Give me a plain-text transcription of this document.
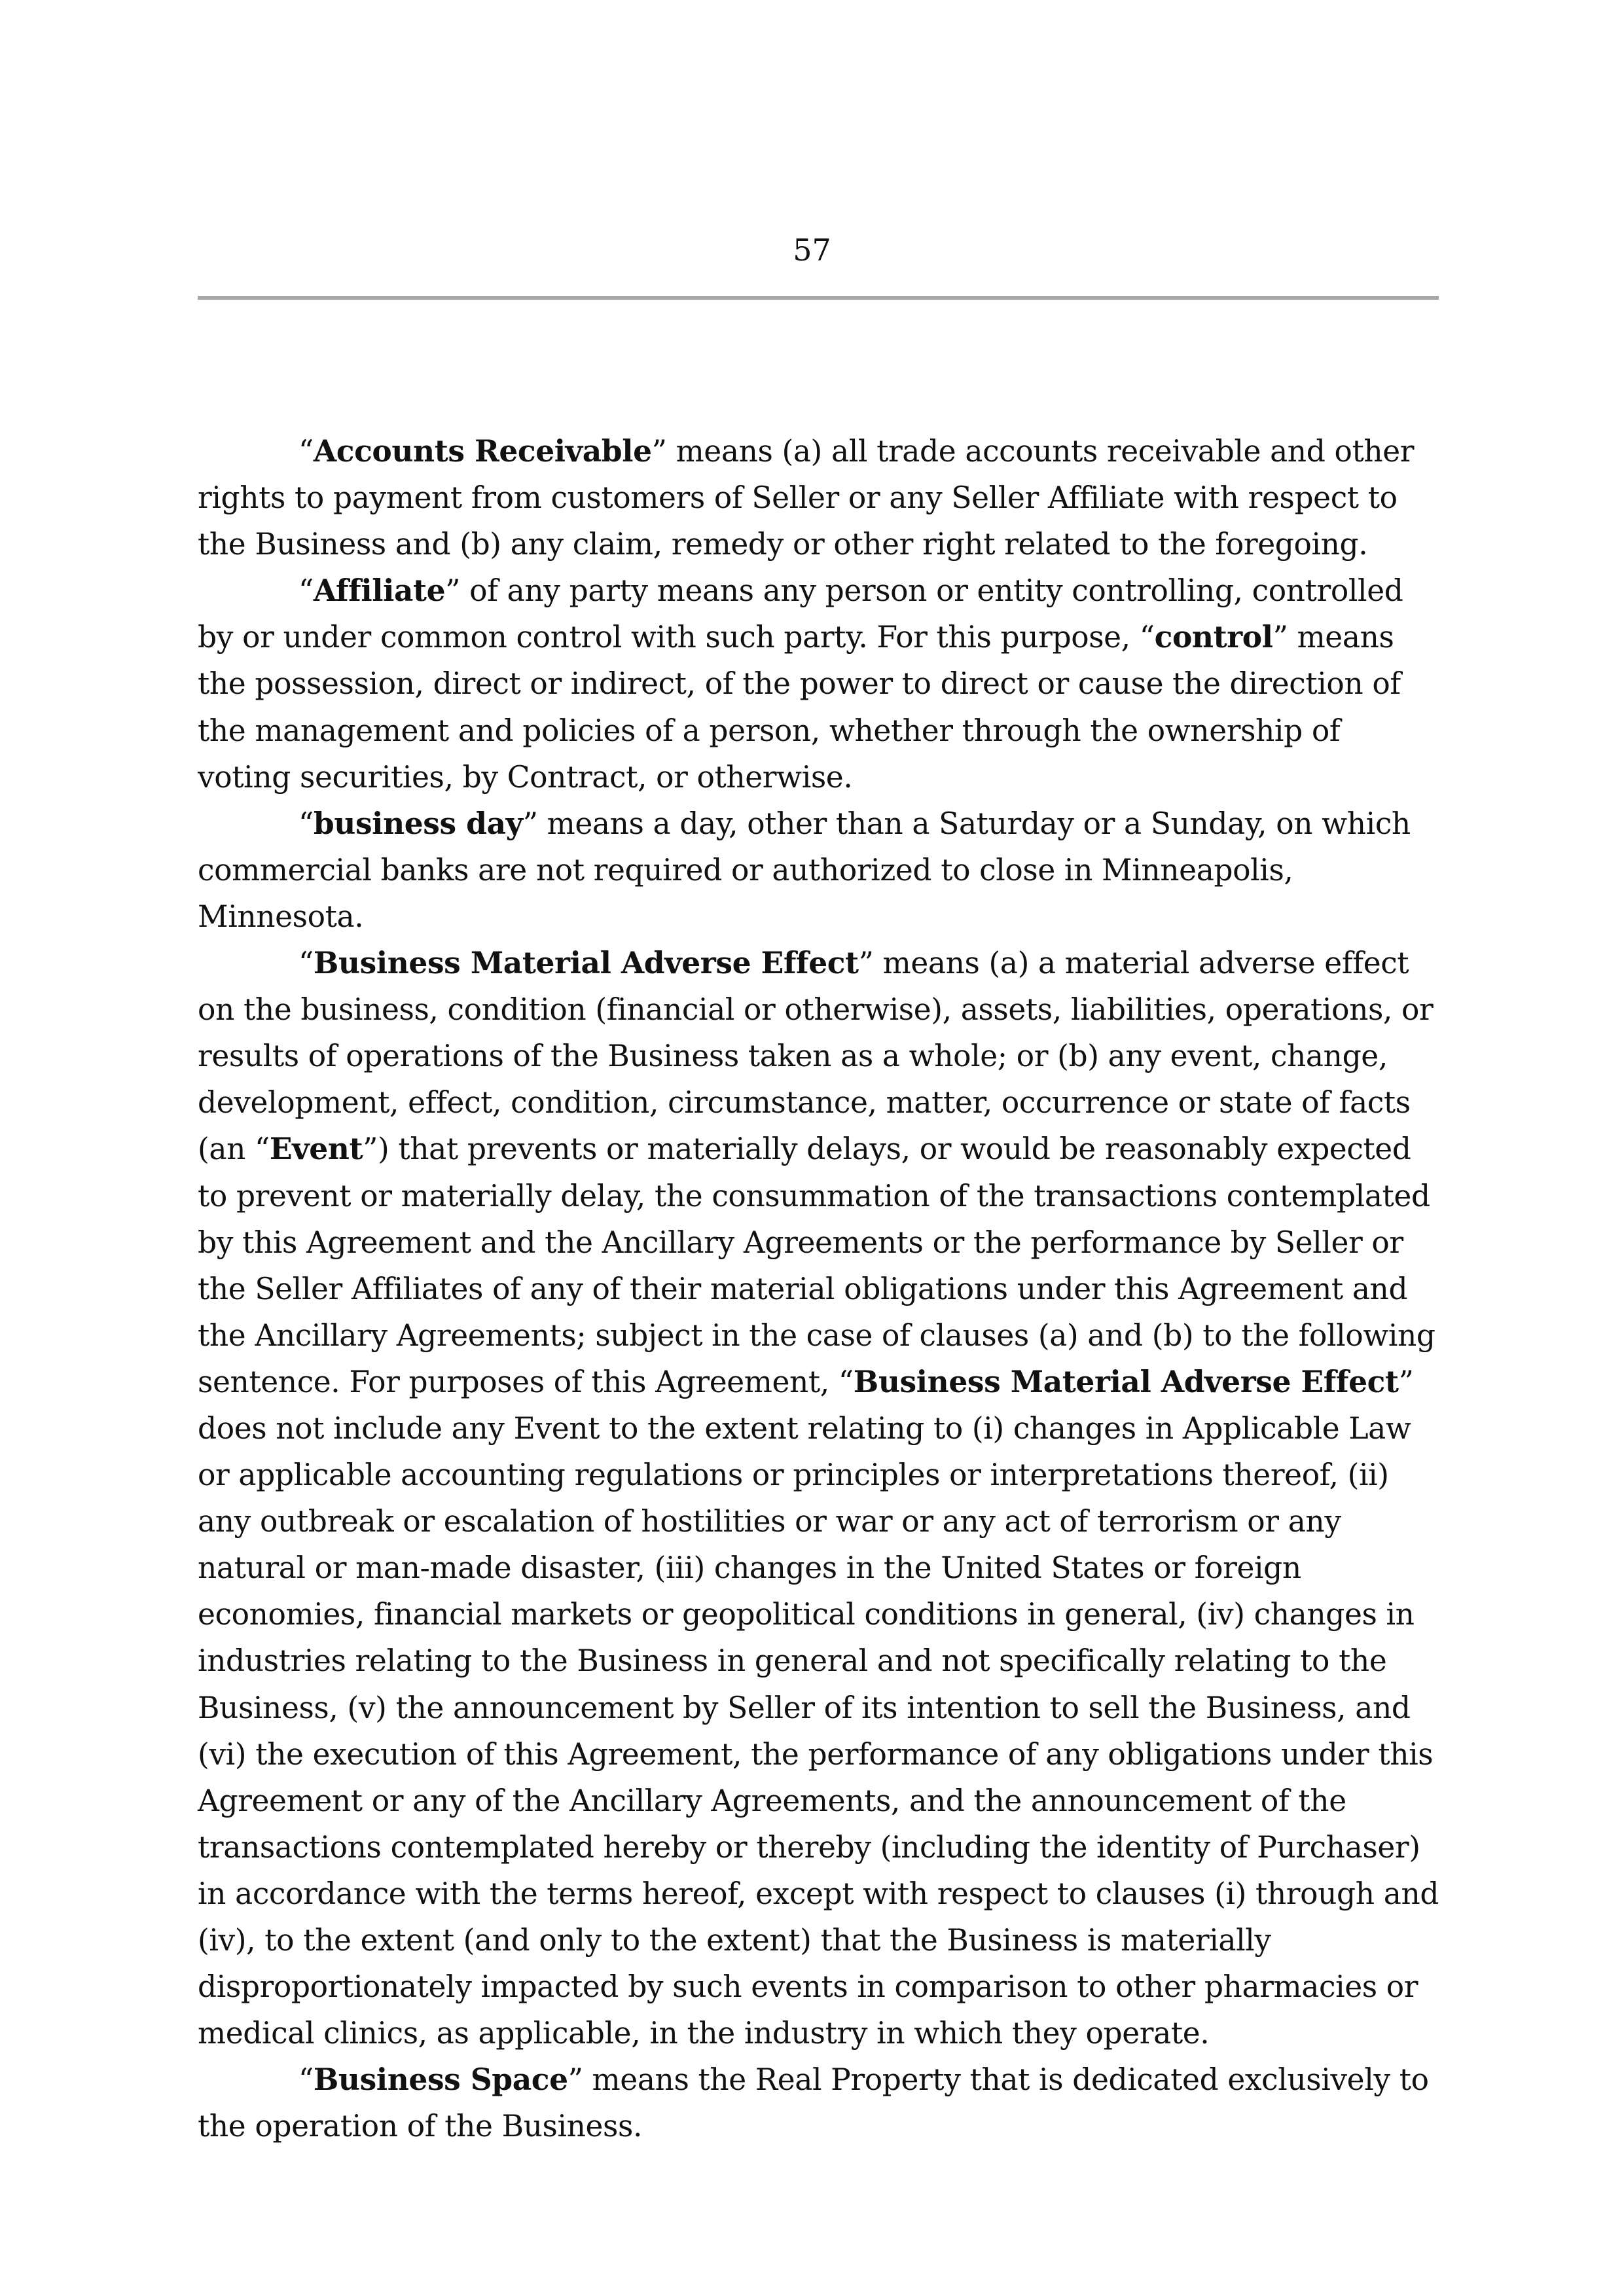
57

“Accounts Receivable” means (a) all trade accounts receivable and other rights to payment from customers of Seller or any Seller Affiliate with respect to the Business and (b) any claim, remedy or other right related to the foregoing.

“Affiliate” of any party means any person or entity controlling, controlled by or under common control with such party. For this purpose, “control” means the possession, direct or indirect, of the power to direct or cause the direction of the management and policies of a person, whether through the ownership of voting securities, by Contract, or otherwise.

“business day” means a day, other than a Saturday or a Sunday, on which commercial banks are not required or authorized to close in Minneapolis, Minnesota.

“Business Material Adverse Effect” means (a) a material adverse effect on the business, condition (financial or otherwise), assets, liabilities, operations, or results of operations of the Business taken as a whole; or (b) any event, change, development, effect, condition, circumstance, matter, occurrence or state of facts (an “Event”) that prevents or materially delays, or would be reasonably expected to prevent or materially delay, the consummation of the transactions contemplated by this Agreement and the Ancillary Agreements or the performance by Seller or the Seller Affiliates of any of their material obligations under this Agreement and the Ancillary Agreements; subject in the case of clauses (a) and (b) to the following sentence. For purposes of this Agreement, “Business Material Adverse Effect” does not include any Event to the extent relating to (i) changes in Applicable Law or applicable accounting regulations or principles or interpretations thereof, (ii) any outbreak or escalation of hostilities or war or any act of terrorism or any natural or man-made disaster, (iii) changes in the United States or foreign economies, financial markets or geopolitical conditions in general, (iv) changes in industries relating to the Business in general and not specifically relating to the Business, (v) the announcement by Seller of its intention to sell the Business, and (vi) the execution of this Agreement, the performance of any obligations under this Agreement or any of the Ancillary Agreements, and the announcement of the transactions contemplated hereby or thereby (including the identity of Purchaser) in accordance with the terms hereof, except with respect to clauses (i) through and (iv), to the extent (and only to the extent) that the Business is materially disproportionately impacted by such events in comparison to other pharmacies or medical clinics, as applicable, in the industry in which they operate.

“Business Space” means the Real Property that is dedicated exclusively to the operation of the Business.
